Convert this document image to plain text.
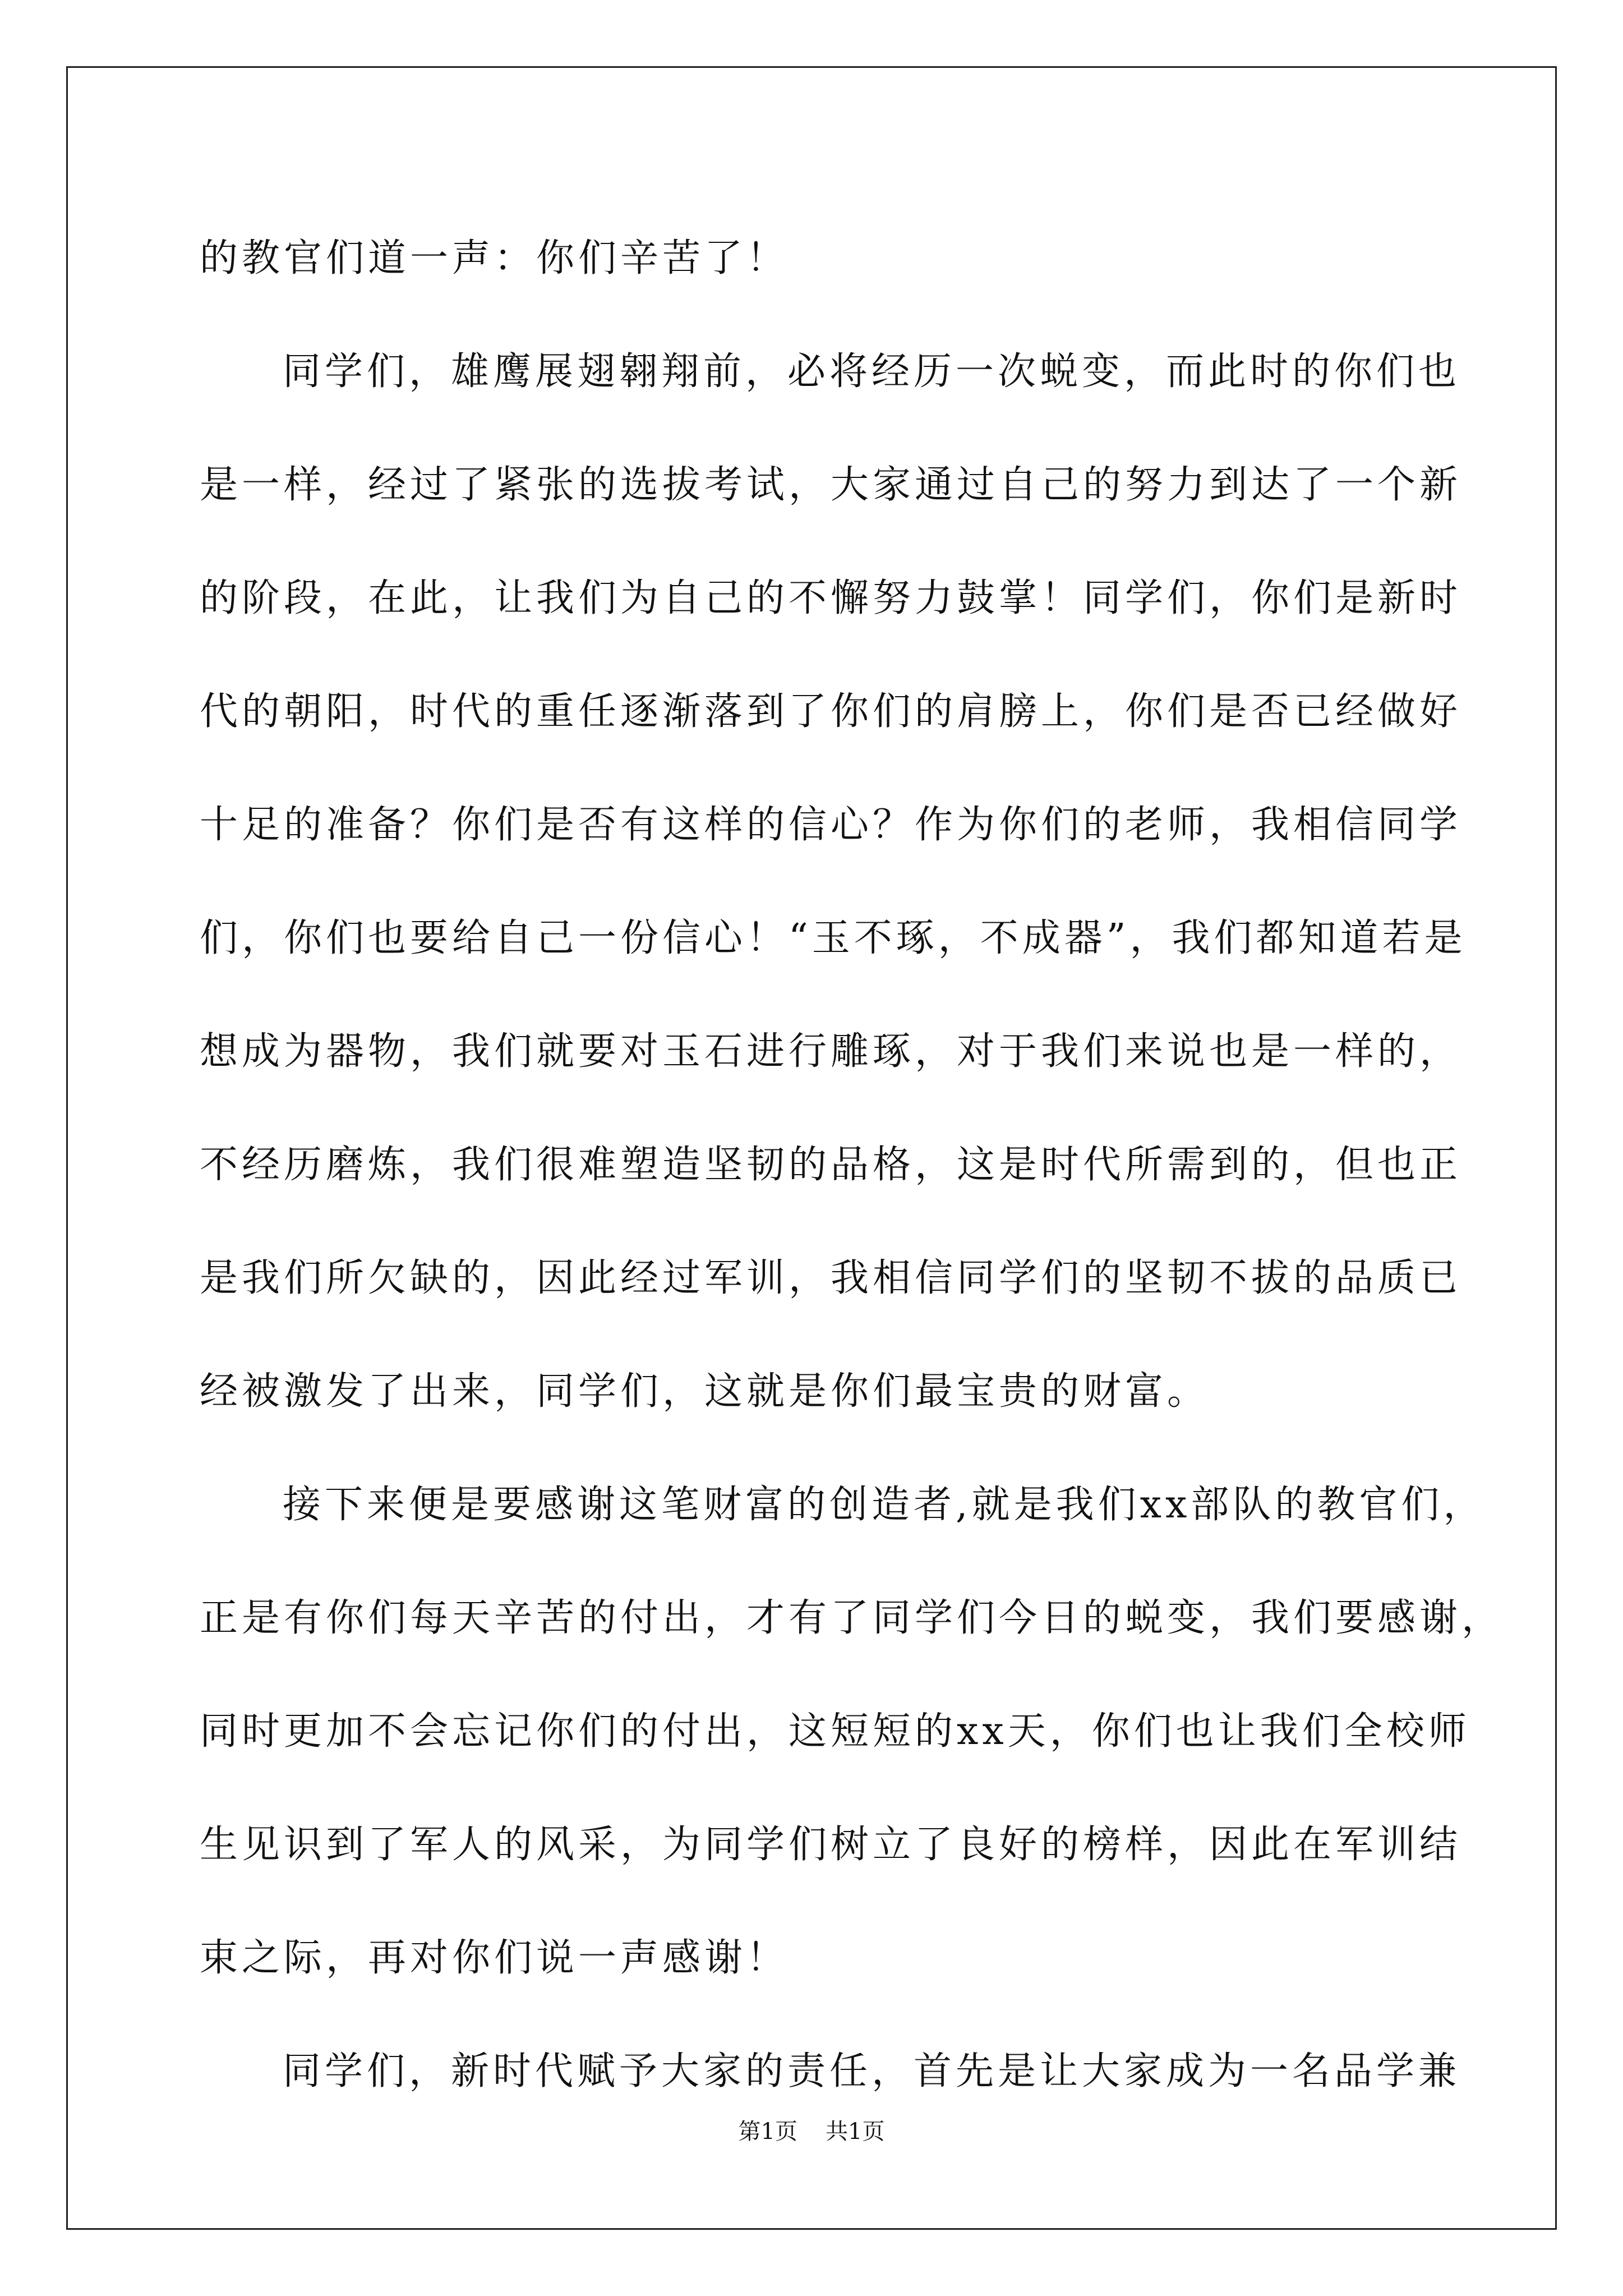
的教官们道一声：你们辛苦了！
同学们，雄鹰展翅翱翔前，必将经历一次蜕变，而此时的你们也
是一样，经过了紧张的选拔考试，大家通过自己的努力到达了一个新
的阶段，在此，让我们为自己的不懈努力鼓掌！同学们，你们是新时
代的朝阳，时代的重任逐渐落到了你们的肩膀上，你们是否已经做好
十足的准备？你们是否有这样的信心？作为你们的老师，我相信同学
们，你们也要给自己一份信心！“玉不琢，不成器”，我们都知道若是
想成为器物，我们就要对玉石进行雕琢，对于我们来说也是一样的，
不经历磨炼，我们很难塑造坚韧的品格，这是时代所需到的，但也正
是我们所欠缺的，因此经过军训，我相信同学们的坚韧不拔的品质已
经被激发了出来，同学们，这就是你们最宝贵的财富。
接下来便是要感谢这笔财富的创造者,就是我们xx部队的教官们，
正是有你们每天辛苦的付出，才有了同学们今日的蜕变，我们要感谢，
同时更加不会忘记你们的付出，这短短的xx天，你们也让我们全校师
生见识到了军人的风采，为同学们树立了良好的榜样，因此在军训结
束之际，再对你们说一声感谢！
同学们，新时代赋予大家的责任，首先是让大家成为一名品学兼
第1页 共1页
